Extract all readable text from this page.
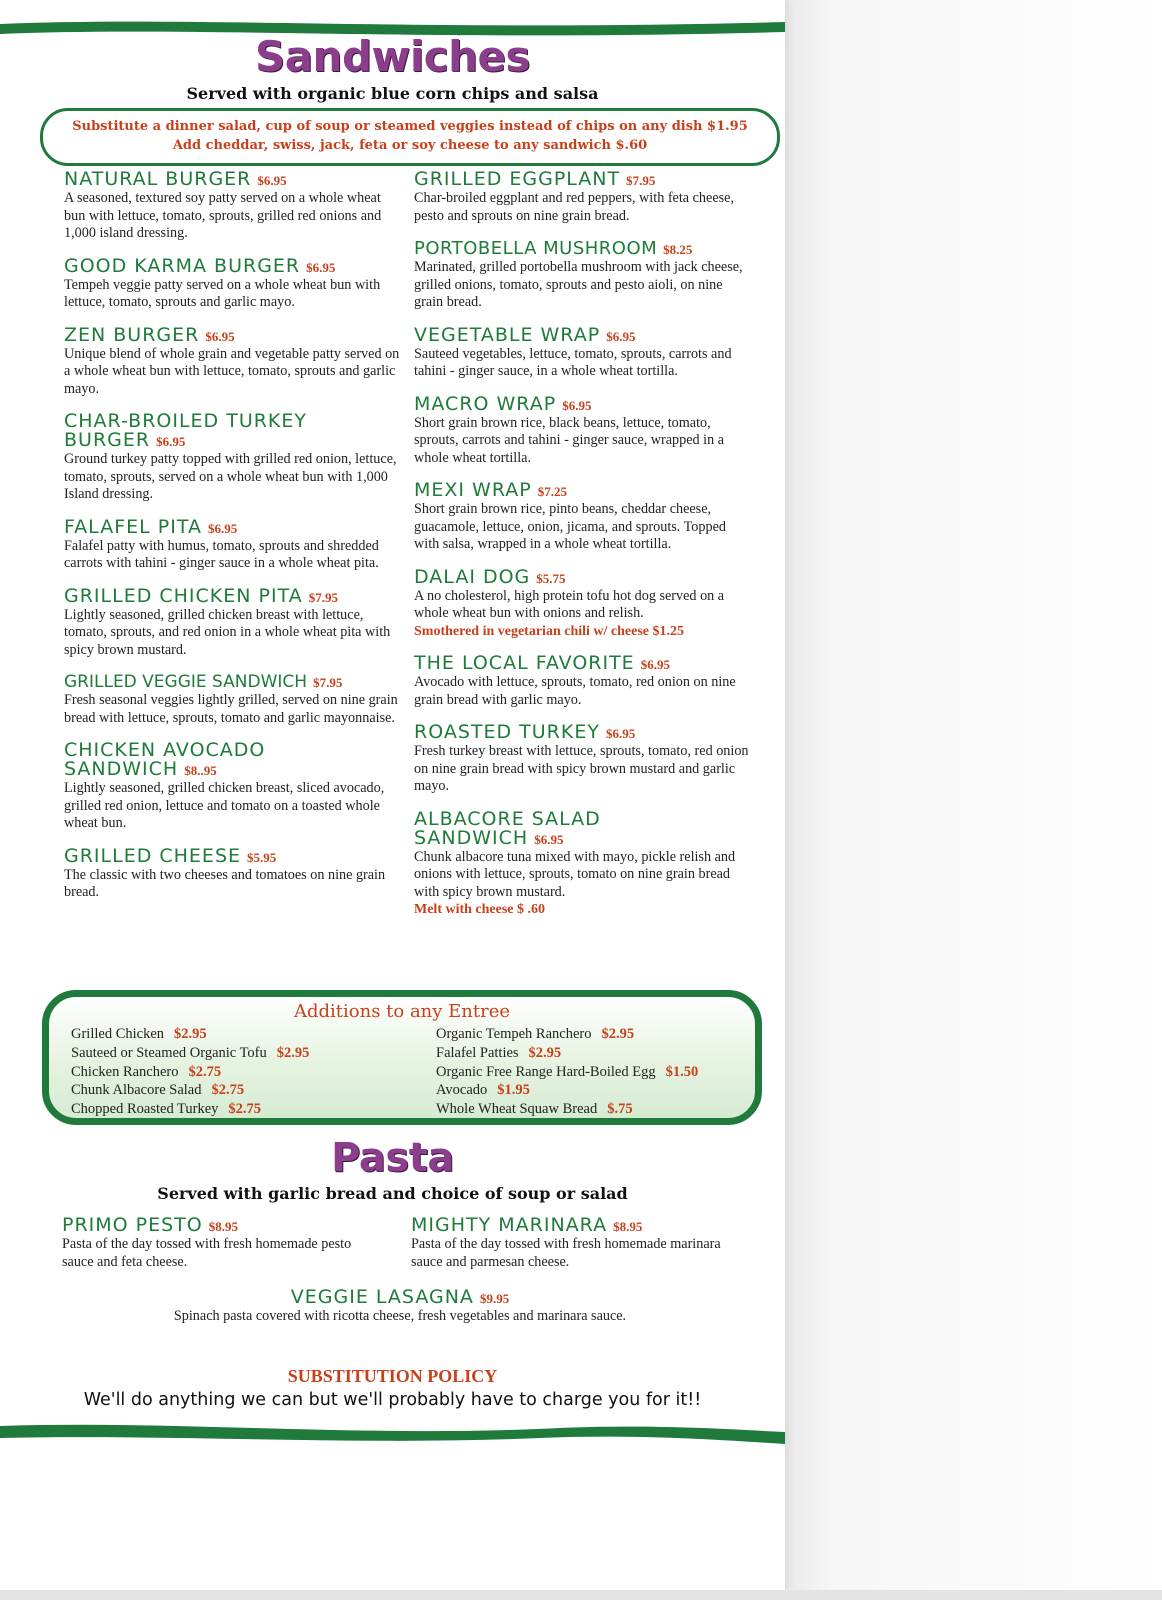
Sandwiches
Served with organic blue corn chips and salsa
Substitute a dinner salad, cup of soup or steamed veggies instead of chips on any dish $1.95
Add cheddar, swiss, jack, feta or soy cheese to any sandwich $.60
NATURAL BURGER $6.95
A seasoned, textured soy patty served on a whole wheat bun with lettuce, tomato, sprouts, grilled red onions and 1,000 island dressing.
GOOD KARMA BURGER $6.95
Tempeh veggie patty served on a whole wheat bun with lettuce, tomato, sprouts and garlic mayo.
ZEN BURGER $6.95
Unique blend of whole grain and vegetable patty served on a whole wheat bun with lettuce, tomato, sprouts and garlic mayo.
CHAR-BROILED TURKEY BURGER $6.95
Ground turkey patty topped with grilled red onion, lettuce, tomato, sprouts, served on a whole wheat bun with 1,000 Island dressing.
FALAFEL PITA $6.95
Falafel patty with humus, tomato, sprouts and shredded carrots with tahini - ginger sauce in a whole wheat pita.
GRILLED CHICKEN PITA $7.95
Lightly seasoned, grilled chicken breast with lettuce, tomato, sprouts, and red onion in a whole wheat pita with spicy brown mustard.
GRILLED VEGGIE SANDWICH $7.95
Fresh seasonal veggies lightly grilled, served on nine grain bread with lettuce, sprouts, tomato and garlic mayonnaise.
CHICKEN AVOCADO SANDWICH $8..95
Lightly seasoned, grilled chicken breast, sliced avocado, grilled red onion, lettuce and tomato on a toasted whole wheat bun.
GRILLED CHEESE $5.95
The classic with two cheeses and tomatoes on nine grain bread.
GRILLED EGGPLANT $7.95
Char-broiled eggplant and red peppers, with feta cheese, pesto and sprouts on nine grain bread.
PORTOBELLA MUSHROOM $8.25
Marinated, grilled portobella mushroom with jack cheese, grilled onions, tomato, sprouts and pesto aioli, on nine grain bread.
VEGETABLE WRAP $6.95
Sauteed vegetables, lettuce, tomato, sprouts, carrots and tahini - ginger sauce, in a whole wheat tortilla.
MACRO WRAP $6.95
Short grain brown rice, black beans, lettuce, tomato, sprouts, carrots and tahini - ginger sauce, wrapped in a whole wheat tortilla.
MEXI WRAP $7.25
Short grain brown rice, pinto beans, cheddar cheese, guacamole, lettuce, onion, jicama, and sprouts. Topped with salsa, wrapped in a whole wheat tortilla.
DALAI DOG $5.75
A no cholesterol, high protein tofu hot dog served on a whole wheat bun with onions and relish.
Smothered in vegetarian chili w/ cheese $1.25
THE LOCAL FAVORITE $6.95
Avocado with lettuce, sprouts, tomato, red onion on nine grain bread with garlic mayo.
ROASTED TURKEY $6.95
Fresh turkey breast with lettuce, sprouts, tomato, red onion on nine grain bread with spicy brown mustard and garlic mayo.
ALBACORE SALAD SANDWICH $6.95
Chunk albacore tuna mixed with mayo, pickle relish and onions with lettuce, sprouts, tomato on nine grain bread with spicy brown mustard.
Melt with cheese $ .60
Additions to any Entree
Grilled Chicken $2.95
Sauteed or Steamed Organic Tofu $2.95
Chicken Ranchero $2.75
Chunk Albacore Salad $2.75
Chopped Roasted Turkey $2.75
Organic Tempeh Ranchero $2.95
Falafel Patties $2.95
Organic Free Range Hard-Boiled Egg $1.50
Avocado $1.95
Whole Wheat Squaw Bread $.75
Pasta
Served with garlic bread and choice of soup or salad
PRIMO PESTO $8.95
Pasta of the day tossed with fresh homemade pesto sauce and feta cheese.
MIGHTY MARINARA $8.95
Pasta of the day tossed with fresh homemade marinara sauce and parmesan cheese.
VEGGIE LASAGNA $9.95
Spinach pasta covered with ricotta cheese, fresh vegetables and marinara sauce.
SUBSTITUTION POLICY
We'll do anything we can but we'll probably have to charge you for it!!
